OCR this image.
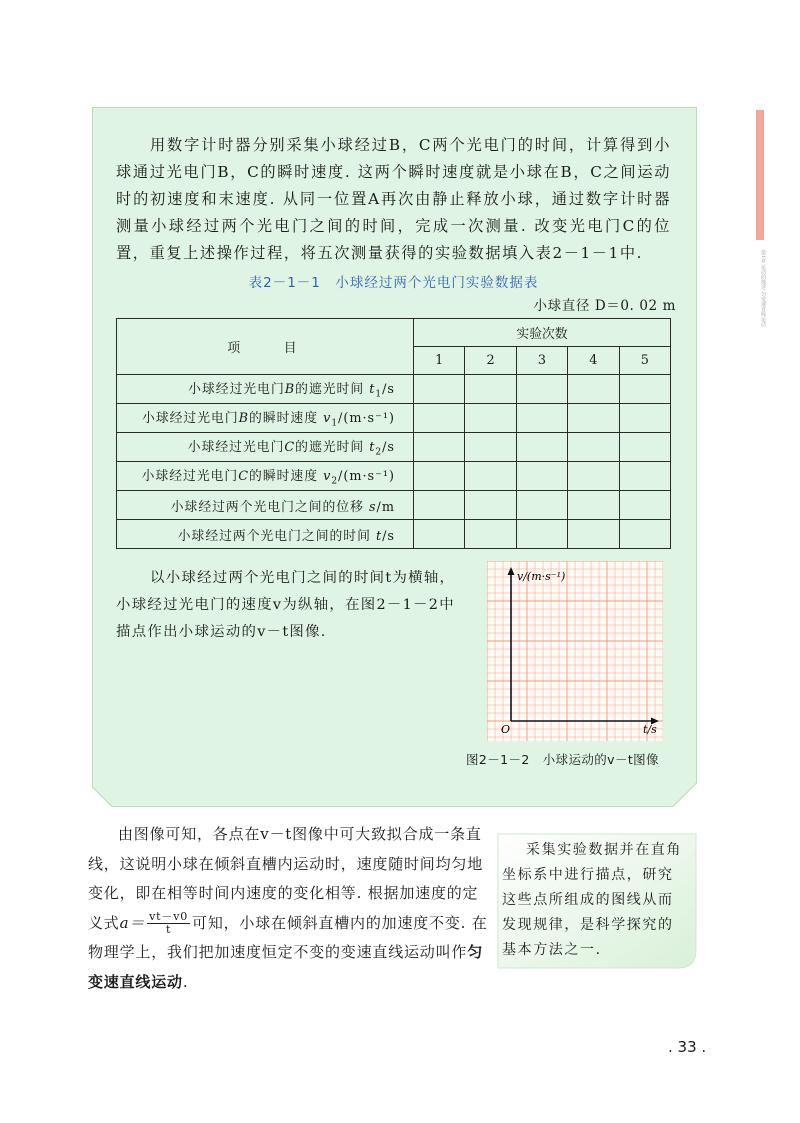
第1章 运动的描述 匀变速直线运动

用数字计时器分别采集小球经过B，C两个光电门的时间，计算得到小球通过光电门B，C的瞬时速度. 这两个瞬时速度就是小球在B，C之间运动时的初速度和末速度. 从同一位置A再次由静止释放小球，通过数字计时器测量小球经过两个光电门之间的时间，完成一次测量. 改变光电门C的位置，重复上述操作过程，将五次测量获得的实验数据填入表2－1－1中.

表2－1－1　小球经过两个光电门实验数据表
小球直径 D＝0. 02 m
项　　目	实验次数				
	1	2	3	4	5
小球经过光电门B的遮光时间 $t_1/s$					
小球经过光电门B的瞬时速度 $v_1/(m\cdot s^{-1})$					
小球经过光电门C的遮光时间 $t_2/s$					
小球经过光电门C的瞬时速度 $v_2/(m\cdot s^{-1})$					
小球经过两个光电门之间的位移 s/m					
小球经过两个光电门之间的时间 t/s					

以小球经过两个光电门之间的时间t为横轴，小球经过光电门的速度v为纵轴，在图2－1－2中描点作出小球运动的v－t图像.

v/(m·s⁻¹)
t/s
O
图2－1－2　小球运动的v－t图像

由图像可知，各点在v－t图像中可大致拟合成一条直线，这说明小球在倾斜直槽内运动时，速度随时间均匀地变化，即在相等时间内速度的变化相等. 根据加速度的定义式$a= \frac{vt-v0}{t}$ 可知，小球在倾斜直槽内的加速度不变. 在物理学上，我们把加速度恒定不变的变速直线运动叫作匀变速直线运动.

采集实验数据并在直角坐标系中进行描点，研究这些点所组成的图线从而发现规律，是科学探究的基本方法之一.

. 33 .
